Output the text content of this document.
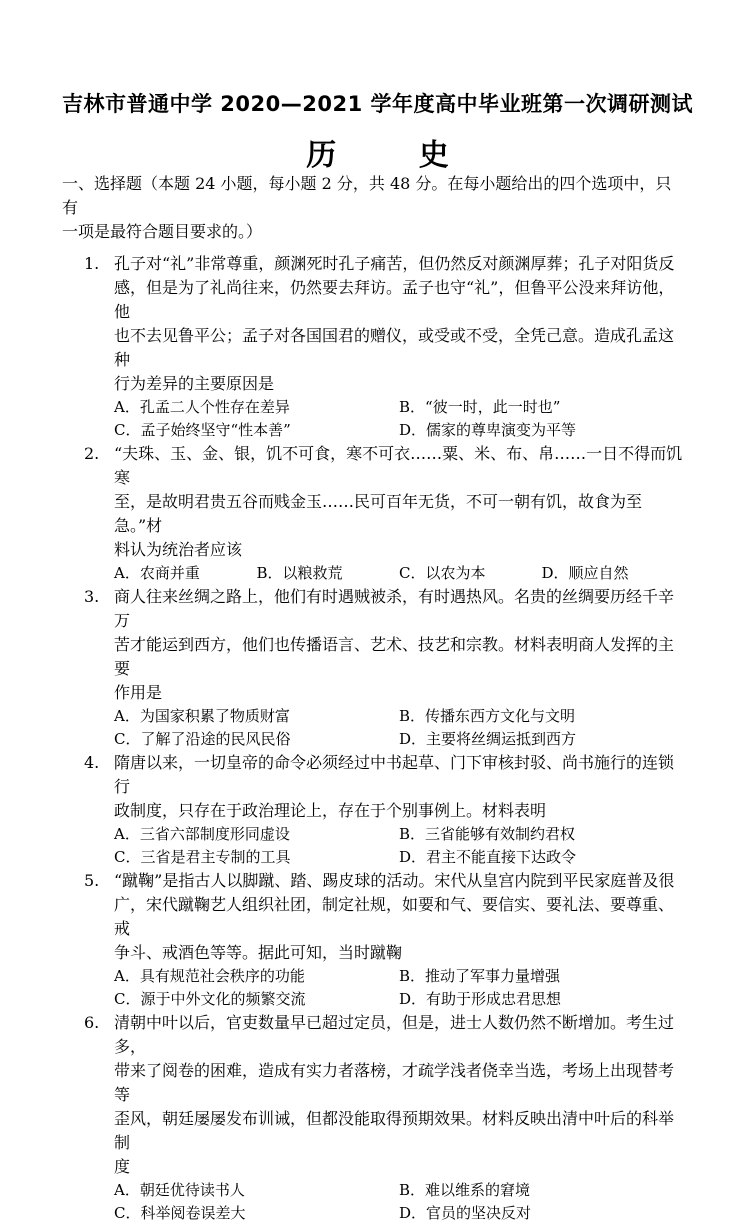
吉林市普通中学 2020—2021 学年度高中毕业班第一次调研测试
历 史

一、选择题（本题 24 小题，每小题 2 分，共 48 分。在每小题给出的四个选项中，只有

一项是最符合题目要求的。）

1. 孔子对“礼”非常尊重，颜渊死时孔子痛苦，但仍然反对颜渊厚葬；孔子对阳货反

感，但是为了礼尚往来，仍然要去拜访。孟子也守“礼”，但鲁平公没来拜访他，他

也不去见鲁平公；孟子对各国国君的赠仪，或受或不受，全凭己意。造成孔孟这种

行为差异的主要原因是

A．孔孟二人个性存在差异	B．“彼一时，此一时也”
C．孟子始终坚守“性本善”	D．儒家的尊卑演变为平等
2. “夫珠、玉、金、银，饥不可食，寒不可衣……粟、米、布、帛……一日不得而饥寒

至，是故明君贵五谷而贱金玉……民可百年无货，不可一朝有饥，故食为至急。”材

料认为统治者应该

A．农商并重	B．以粮救荒	C．以农为本	D．顺应自然
3. 商人往来丝绸之路上，他们有时遇贼被杀，有时遇热风。名贵的丝绸要历经千辛万

苦才能运到西方，他们也传播语言、艺术、技艺和宗教。材料表明商人发挥的主要

作用是

A．为国家积累了物质财富	B．传播东西方文化与文明
C．了解了沿途的民风民俗	D．主要将丝绸运抵到西方
4. 隋唐以来，一切皇帝的命令必须经过中书起草、门下审核封驳、尚书施行的连锁行

政制度，只存在于政治理论上，存在于个别事例上。材料表明

A．三省六部制度形同虚设	B．三省能够有效制约君权
C．三省是君主专制的工具	D．君主不能直接下达政令
5. “蹴鞠”是指古人以脚蹴、踏、踢皮球的活动。宋代从皇宫内院到平民家庭普及很

广，宋代蹴鞠艺人组织社团，制定社规，如要和气、要信实、要礼法、要尊重、戒

争斗、戒酒色等等。据此可知，当时蹴鞠

A．具有规范社会秩序的功能	B．推动了军事力量增强
C．源于中外文化的频繁交流	D．有助于形成忠君思想
6. 清朝中叶以后，官吏数量早已超过定员，但是，进士人数仍然不断增加。考生过多，

带来了阅卷的困难，造成有实力者落榜，才疏学浅者侥幸当选，考场上出现替考等

歪风，朝廷屡屡发布训诫，但都没能取得预期效果。材料反映出清中叶后的科举制

度

A．朝廷优待读书人	B．难以维系的窘境
C．科举阅卷误差大	D．官员的坚决反对
